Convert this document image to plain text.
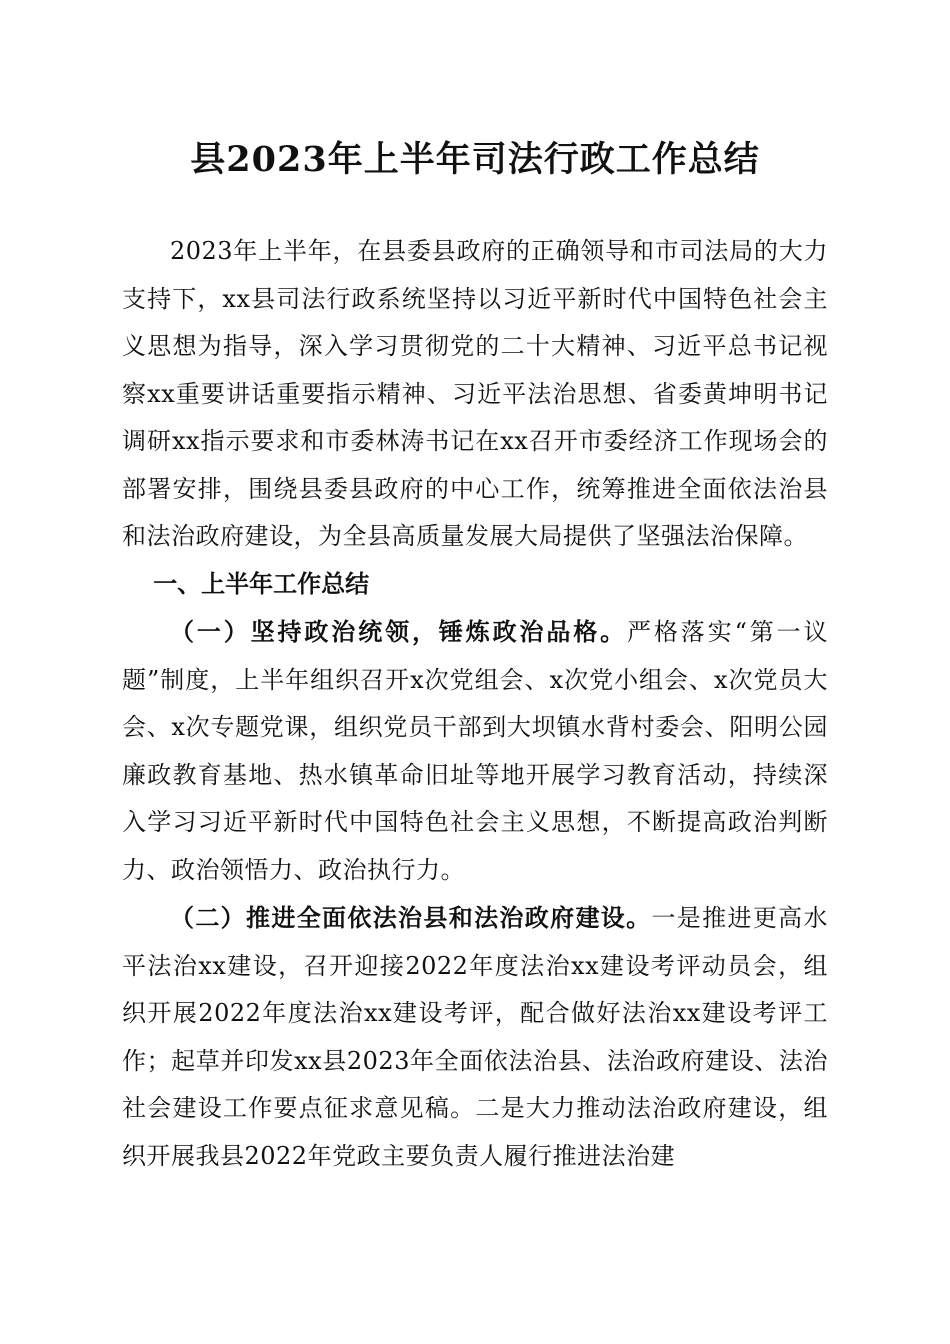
县2023年上半年司法行政工作总结

2023年上半年，在县委县政府的正确领导和市司法局的大力支持下，xx县司法行政系统坚持以习近平新时代中国特色社会主义思想为指导，深入学习贯彻党的二十大精神、习近平总书记视察xx重要讲话重要指示精神、习近平法治思想、省委黄坤明书记调研xx指示要求和市委林涛书记在xx召开市委经济工作现场会的部署安排，围绕县委县政府的中心工作，统筹推进全面依法治县和法治政府建设，为全县高质量发展大局提供了坚强法治保障。

一、上半年工作总结

（一）坚持政治统领，锤炼政治品格。严格落实“第一议题”制度，上半年组织召开x次党组会、x次党小组会、x次党员大会、x次专题党课，组织党员干部到大坝镇水背村委会、阳明公园廉政教育基地、热水镇革命旧址等地开展学习教育活动，持续深入学习习近平新时代中国特色社会主义思想，不断提高政治判断力、政治领悟力、政治执行力。

（二）推进全面依法治县和法治政府建设。一是推进更高水平法治xx建设，召开迎接2022年度法治xx建设考评动员会，组织开展2022年度法治xx建设考评，配合做好法治xx建设考评工作；起草并印发xx县2023年全面依法治县、法治政府建设、法治社会建设工作要点征求意见稿。二是大力推动法治政府建设，组织开展我县2022年党政主要负责人履行推进法治建
